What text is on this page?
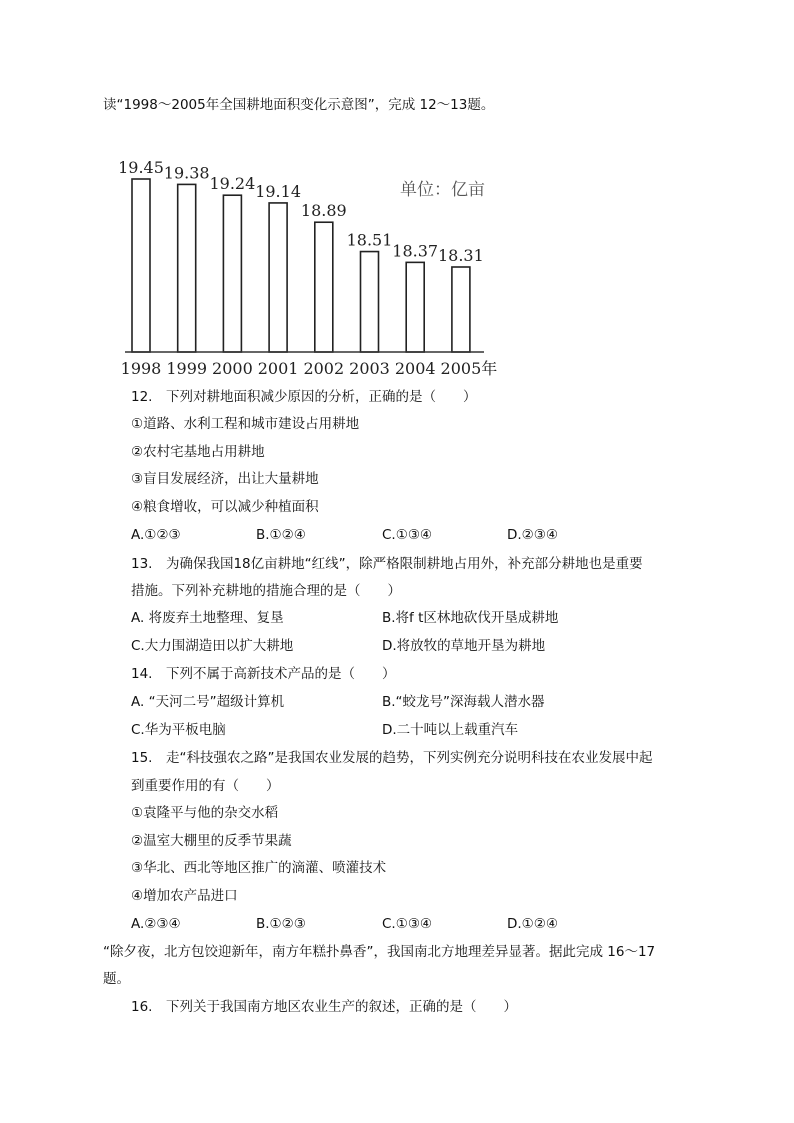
读“1998～2005年全国耕地面积变化示意图”，完成 12～13题。
19.45 19.38
19.24 19.14
18.89
18.51
18.37 18.31
1998 1999 2000 2001 2002 2003 2004 2005年
单位：亿亩
12.　下列对耕地面积减少原因的分析，正确的是（　　）
①道路、水利工程和城市建设占用耕地
②农村宅基地占用耕地
③盲目发展经济，出让大量耕地
④粮食增收，可以减少种植面积
A.①②③	B.①②④	C.①③④	D.②③④
13.　为确保我国18亿亩耕地“红线”，除严格限制耕地占用外，补充部分耕地也是重要
措施。下列补充耕地的措施合理的是（　　）
A. 将废弃土地整理、复垦	B.将f t区林地砍伐开垦成耕地
C.大力围湖造田以扩大耕地	D.将放牧的草地开垦为耕地
14.　下列不属于高新技术产品的是（　　）
A. “天河二号”超级计算机	B.“蛟龙号”深海载人潜水器
C.华为平板电脑	D.二十吨以上载重汽车
15.　走“科技强农之路”是我国农业发展的趋势，下列实例充分说明科技在农业发展中起
到重要作用的有（　　）
①袁隆平与他的杂交水稻
②温室大棚里的反季节果蔬
③华北、西北等地区推广的滴灌、喷灌技术
④增加农产品进口
A.②③④	B.①②③	C.①③④	D.①②④
“除夕夜，北方包饺迎新年，南方年糕扑鼻香”，我国南北方地理差异显著。据此完成 16～17
题。
16.　下列关于我国南方地区农业生产的叙述，正确的是（　　）
